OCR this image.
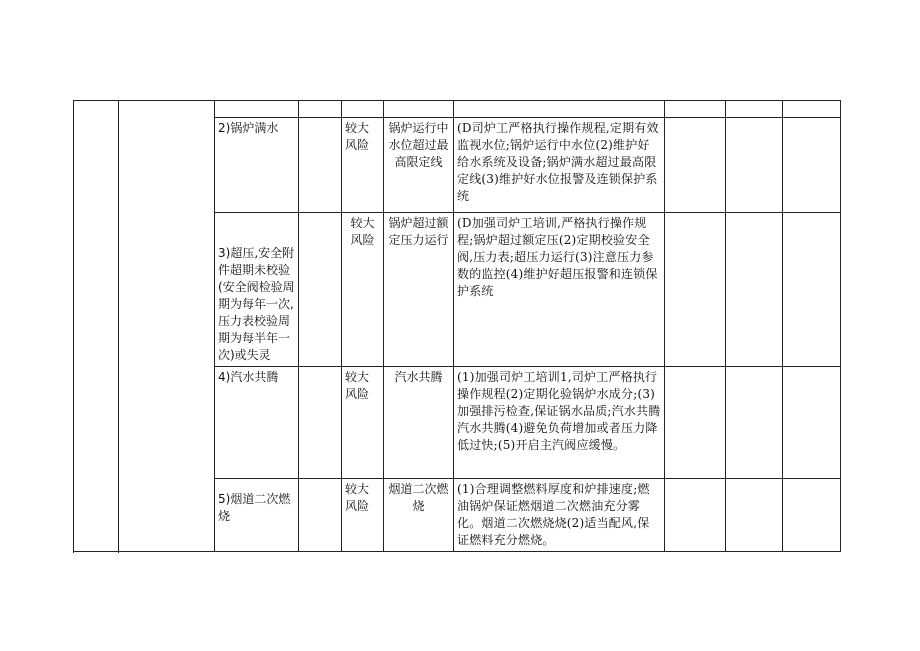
		2)锅炉满水		较大风险	锅炉运行中水位超过最高限定线	(D司炉工严格执行操作规程,定期有效监视水位;锅炉运行中水位(2)维护好给水系统及设备;锅炉满水超过最高限定线(3)维护好水位报警及连锁保护系统			

		3)超压,安全附件超期未校验(安全阀检验周期为每年一次,压力表校验周期为每半年一次)或失灵		较大风险	锅炉超过额定压力运行	(D加强司炉工培训,严格执行操作规程;锅炉超过额定压(2)定期校验安全阀,压力表;超压力运行(3)注意压力参数的监控(4)维护好超压报警和连锁保护系统			

		4)汽水共腾		较大风险	汽水共腾	(1)加强司炉工培训1,司炉工严格执行操作规程(2)定期化验锅炉水成分;(3)加强排污检查,保证锅水品质;汽水共腾汽水共腾(4)避免负荷增加或者压力降低过快;(5)开启主汽阀应缓慢。			

		5)烟道二次燃烧		较大风险	烟道二次燃烧	(1)合理调整燃料厚度和炉排速度;燃油锅炉保证燃烟道二次燃油充分雾化。烟道二次燃烧烧(2)适当配风,保证燃料充分燃烧。			
